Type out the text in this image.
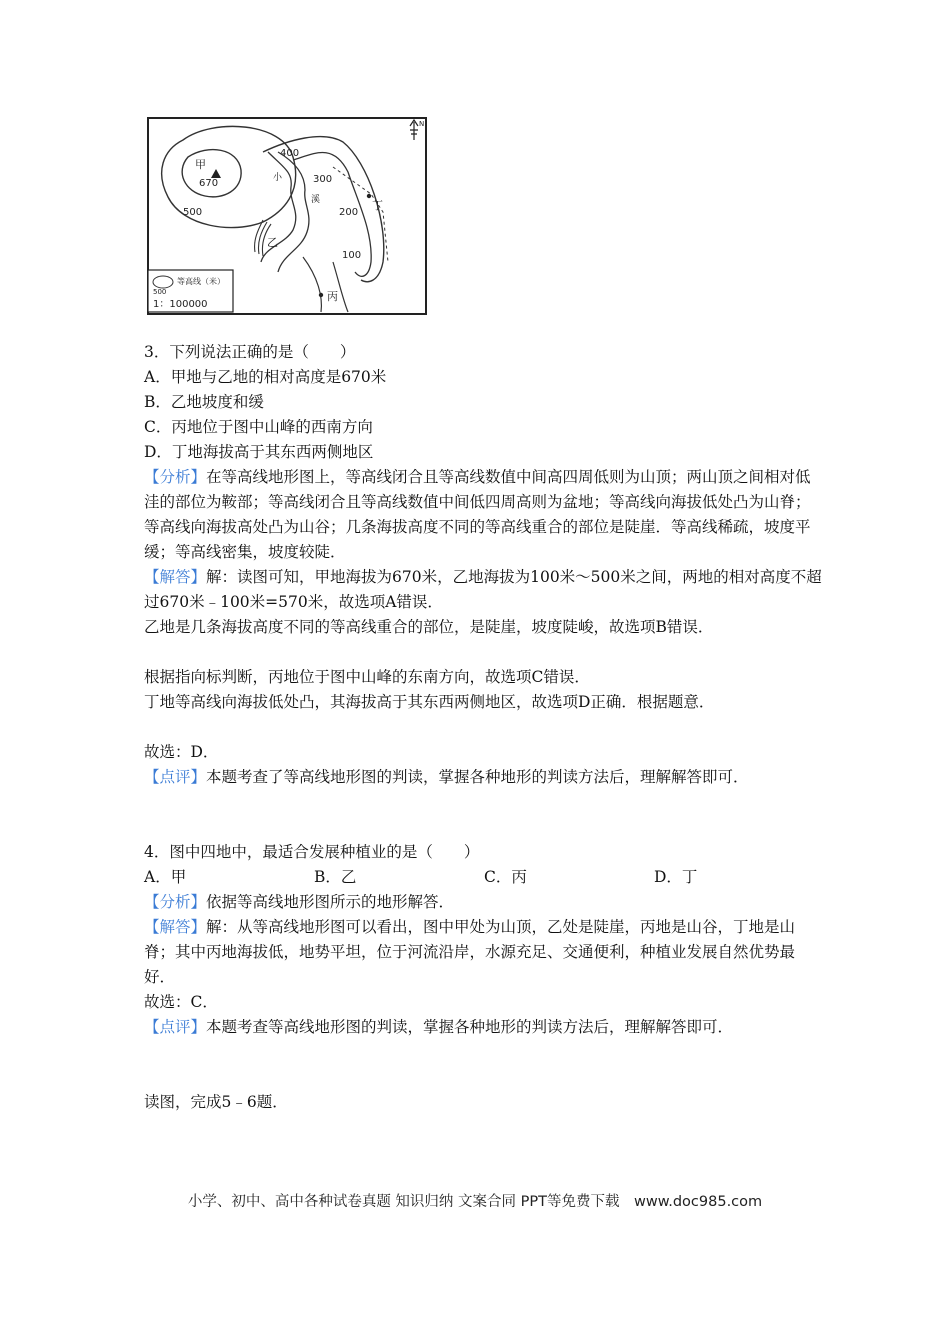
甲
670
500
400
300
200
100
乙
丙
丁
小
溪
N
等高线（米）
500
1：100000
3．下列说法正确的是（　　）
A．甲地与乙地的相对高度是670米
B．乙地坡度和缓
C．丙地位于图中山峰的西南方向
D．丁地海拔高于其东西两侧地区
【分析】在等高线地形图上，等高线闭合且等高线数值中间高四周低则为山顶；两山顶之间相对低洼的部位为鞍部；等高线闭合且等高线数值中间低四周高则为盆地；等高线向海拔低处凸为山脊；等高线向海拔高处凸为山谷；几条海拔高度不同的等高线重合的部位是陡崖．等高线稀疏，坡度平缓；等高线密集，坡度较陡．
【解答】解：读图可知，甲地海拔为670米，乙地海拔为100米～500米之间，两地的相对高度不超过670米﹣100米=570米，故选项A错误．
乙地是几条海拔高度不同的等高线重合的部位，是陡崖，坡度陡峻，故选项B错误．
根据指向标判断，丙地位于图中山峰的东南方向，故选项C错误．
丁地等高线向海拔低处凸，其海拔高于其东西两侧地区，故选项D正确．根据题意．
故选：D．
【点评】本题考查了等高线地形图的判读，掌握各种地形的判读方法后，理解解答即可．
4．图中四地中，最适合发展种植业的是（　　）
A．甲	B．乙	C．丙	D．丁
【分析】依据等高线地形图所示的地形解答．
【解答】解：从等高线地形图可以看出，图中甲处为山顶，乙处是陡崖，丙地是山谷，丁地是山脊；其中丙地海拔低，地势平坦，位于河流沿岸，水源充足、交通便利，种植业发展自然优势最好．
故选：C．
【点评】本题考查等高线地形图的判读，掌握各种地形的判读方法后，理解解答即可．
读图，完成5﹣6题．
小学、初中、高中各种试卷真题 知识归纳 文案合同 PPT等免费下载　www.doc985.com
